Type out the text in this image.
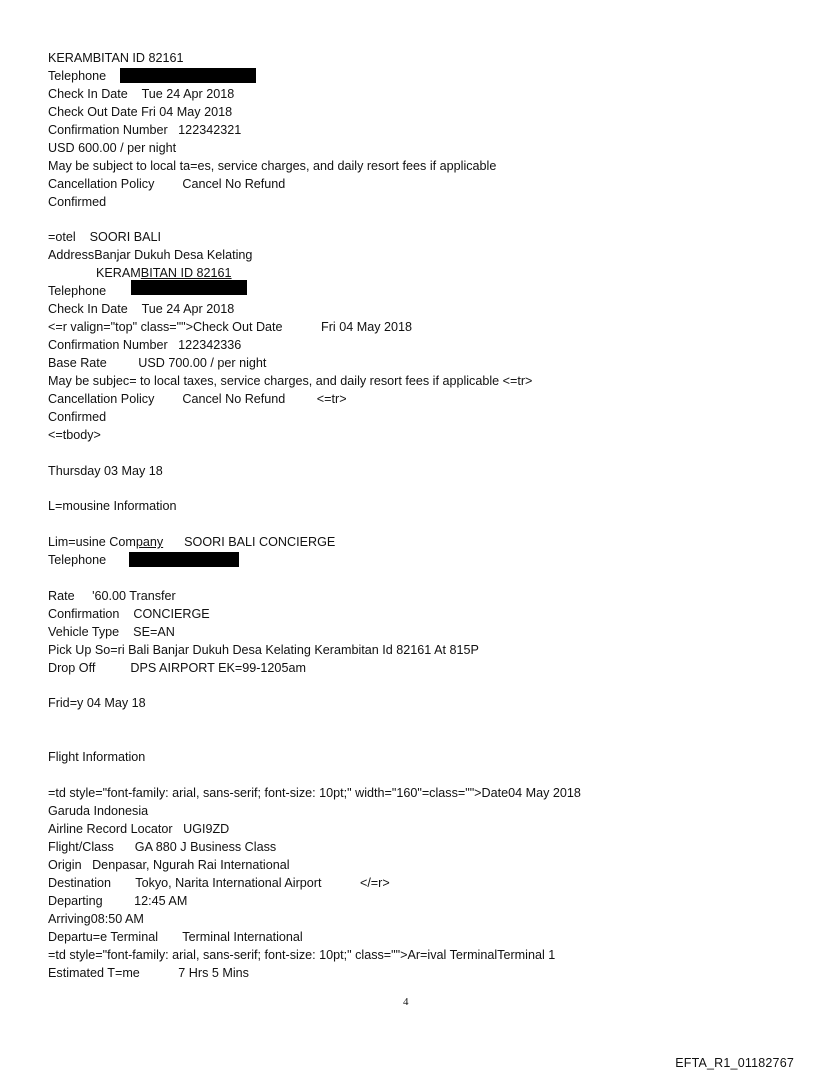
KERAMBITAN ID 82161
Telephone
Check In Date    Tue 24 Apr 2018
Check Out Date Fri 04 May 2018
Confirmation Number   122342321
USD 600.00 / per night
May be subject to local ta=es, service charges, and daily resort fees if applicable
Cancellation Policy        Cancel No Refund
Confirmed
=otel    SOORI BALI
AddressBanjar Dukuh Desa Kelating
KERAMBITAN ID 82161
Telephone
Check In Date    Tue 24 Apr 2018
<=r valign="top" class="">Check Out Date           Fri 04 May 2018
Confirmation Number   122342336
Base Rate         USD 700.00 / per night
May be subjec= to local taxes, service charges, and daily resort fees if applicable <=tr>
Cancellation Policy        Cancel No Refund         <=tr>
Confirmed
<=tbody>
Thursday 03 May 18
L=mousine Information
Lim=usine Company      SOORI BALI CONCIERGE
Telephone
Rate     '60.00 Transfer
Confirmation    CONCIERGE
Vehicle Type    SE=AN
Pick Up So=ri Bali Banjar Dukuh Desa Kelating Kerambitan Id 82161 At 815P
Drop Off          DPS AIRPORT EK=99-1205am
Frid=y 04 May 18
Flight Information
=td style="font-family: arial, sans-serif; font-size: 10pt;" width="160"=class="">Date04 May 2018
Garuda Indonesia
Airline Record Locator   UGI9ZD
Flight/Class      GA 880 J Business Class
Origin   Denpasar, Ngurah Rai International
Destination       Tokyo, Narita International Airport           </=r>
Departing         12:45 AM
Arriving08:50 AM
Departu=e Terminal       Terminal International
=td style="font-family: arial, sans-serif; font-size: 10pt;" class="">Ar=ival TerminalTerminal 1
Estimated T=me           7 Hrs 5 Mins
4
EFTA_R1_01182767
